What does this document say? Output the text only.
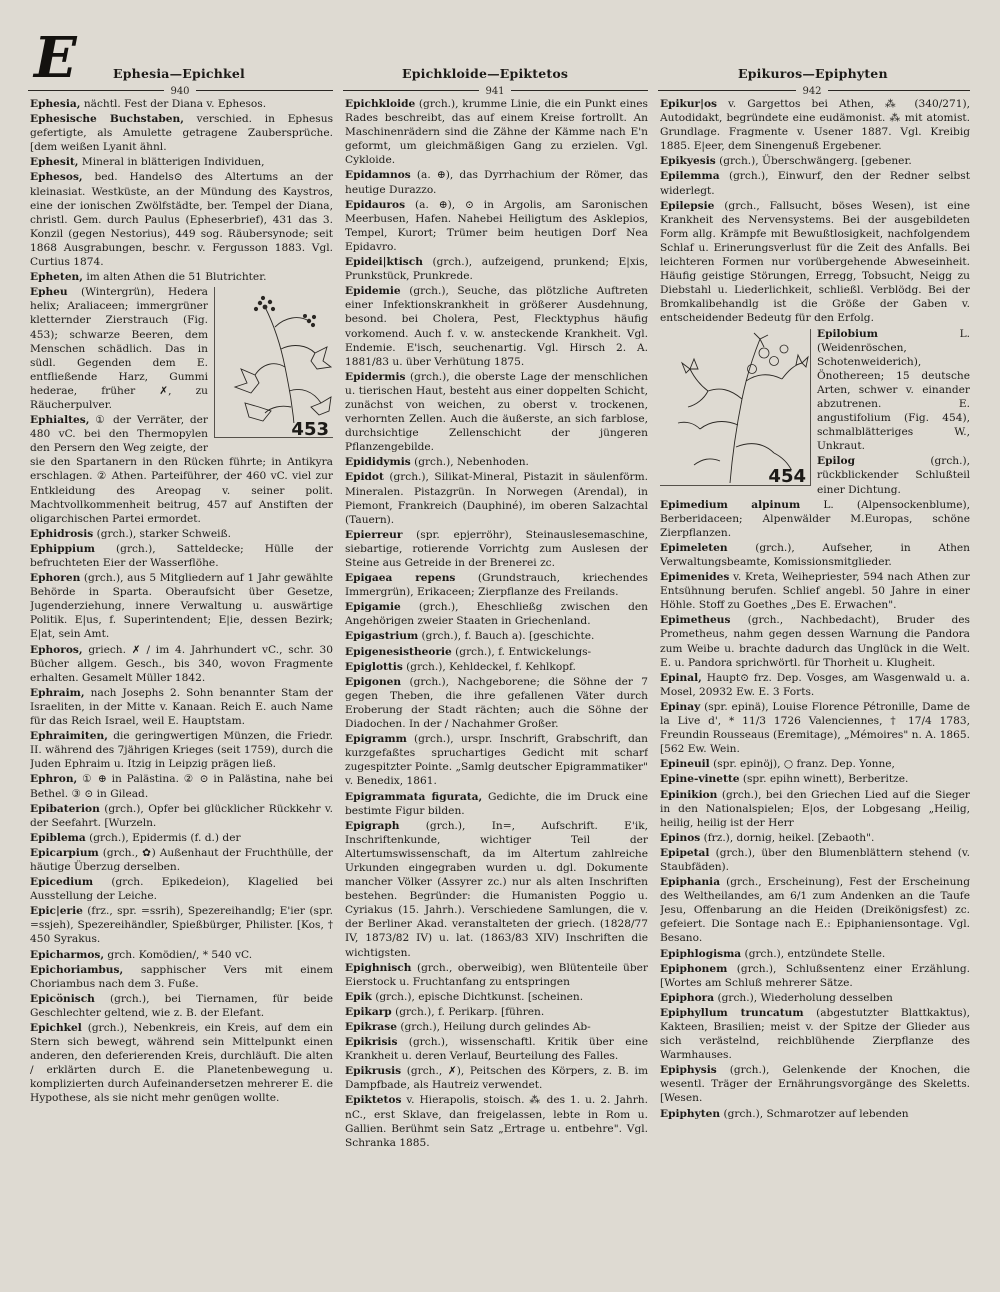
E	Ephesia—Epichkel	Epichkloide—Epiktetos	Epikuros—Epiphyten
940	941	942

Ephesia, nächtl. Fest der Diana v. Ephesos.

Ephesische Buchstaben, verschied. in Ephesus gefertigte, als Amulette getragene Zaubersprüche. [dem weißen Lyanit ähnl.

Ephesit, Mineral in blätterigen Individuen,

Ephesos, bed. Handels⊙ des Altertums an der kleinasiat. Westküste, an der Mündung des Kaystros, eine der ionischen Zwölfstädte, ber. Tempel der Diana, christl. Gem. durch Paulus (Epheserbrief), 431 das 3. Konzil (gegen Nestorius), 449 sog. Räubersynode; seit 1868 Ausgrabungen, beschr. v. Fergusson 1883. Vgl. Curtius 1874.

Epheten, im alten Athen die 51 Blutrichter.

453

Epheu (Wintergrün), Hedera helix; Araliaceen; immergrüner kletternder Zierstrauch (Fig. 453); schwarze Beeren, dem Menschen schädlich. Das in südl. Gegenden dem E. entfließende Harz, Gummi hederae, früher ✗, zu Räucherpulver.

Ephialtes, ① der Verräter, der 480 vC. bei den Thermopylen den Persern den Weg zeigte, der sie den Spartanern in den Rücken führte; in Antikyra erschlagen. ② Athen. Parteiführer, der 460 vC. viel zur Entkleidung des Areopag v. seiner polit. Machtvollkommenheit beitrug, 457 auf Anstiften der oligarchischen Partei ermordet.

Ephidrosis (grch.), starker Schweiß.

Ephippium (grch.), Satteldecke; Hülle der befruchteten Eier der Wasserflöhe.

Ephoren (grch.), aus 5 Mitgliedern auf 1 Jahr gewählte Behörde in Sparta. Oberaufsicht über Gesetze, Jugenderziehung, innere Verwaltung u. auswärtige Politik. E|us, f. Superintendent; E|ie, dessen Bezirk; E|at, sein Amt.

Ephoros, griech. ✗ / im 4. Jahrhundert vC., schr. 30 Bücher allgem. Gesch., bis 340, wovon Fragmente erhalten. Gesamelt Müller 1842.

Ephraim, nach Josephs 2. Sohn benannter Stam der Israeliten, in der Mitte v. Kanaan. Reich E. auch Name für das Reich Israel, weil E. Hauptstam.

Ephraimiten, die geringwertigen Münzen, die Friedr. II. während des 7jährigen Krieges (seit 1759), durch die Juden Ephraim u. Itzig in Leipzig prägen ließ.

Ephron, ① ⊕ in Palästina. ② ⊙ in Palästina, nahe bei Bethel. ③ ⊙ in Gilead.

Epibaterion (grch.), Opfer bei glücklicher Rückkehr v. der Seefahrt. [Wurzeln.

Epiblema (grch.), Epidermis (f. d.) der

Epicarpium (grch., ✿) Außenhaut der Fruchthülle, der häutige Überzug derselben.

Epicedium (grch. Epikedeion), Klagelied bei Ausstellung der Leiche.

Epic|erie (frz., spr. =ssrih), Spezereihandlg; E'ier (spr. =ssjeh), Spezereihändler, Spießbürger, Philister. [Kos, † 450 Syrakus.

Epicharmos, grch. Komödien/, * 540 vC.

Epichoriambus, sapphischer Vers mit einem Choriambus nach dem 3. Fuße.

Epicönisch (grch.), bei Tiernamen, für beide Geschlechter geltend, wie z. B. der Elefant.

Epichkel (grch.), Nebenkreis, ein Kreis, auf dem ein Stern sich bewegt, während sein Mittelpunkt einen anderen, den deferierenden Kreis, durchläuft. Die alten / erklärten durch E. die Planetenbewegung u. komplizierten durch Aufeinandersetzen mehrerer E. die Hypothese, als sie nicht mehr genügen wollte.

Epichkloide (grch.), krumme Linie, die ein Punkt eines Rades beschreibt, das auf einem Kreise fortrollt. An Maschinenrädern sind die Zähne der Kämme nach E'n geformt, um gleichmäßigen Gang zu erzielen. Vgl. Cykloide.

Epidamnos (a. ⊕), das Dyrrhachium der Römer, das heutige Durazzo.

Epidauros (a. ⊕), ⊙ in Argolis, am Saronischen Meerbusen, Hafen. Nahebei Heiligtum des Asklepios, Tempel, Kurort; Trümer beim heutigen Dorf Nea Epidavro.

Epidei|ktisch (grch.), aufzeigend, prunkend; E|xis, Prunkstück, Prunkrede.

Epidemie (grch.), Seuche, das plötzliche Auftreten einer Infektionskrankheit in größerer Ausdehnung, besond. bei Cholera, Pest, Flecktyphus häufig vorkomend. Auch f. v. w. ansteckende Krankheit. Vgl. Endemie. E'isch, seuchenartig. Vgl. Hirsch 2. A. 1881/83 u. über Verhütung 1875.

Epidermis (grch.), die oberste Lage der menschlichen u. tierischen Haut, besteht aus einer doppelten Schicht, zunächst von weichen, zu oberst v. trockenen, verhornten Zellen. Auch die äußerste, an sich farblose, durchsichtige Zellenschicht der jüngeren Pflanzengebilde.

Epididymis (grch.), Nebenhoden.

Epidot (grch.), Silikat-Mineral, Pistazit in säulenförm. Mineralen. Pistazgrün. In Norwegen (Arendal), in Piemont, Frankreich (Dauphiné), im oberen Salzachtal (Tauern).

Epierreur (spr. epjerröhr), Steinauslesemaschine, siebartige, rotierende Vorrichtg zum Auslesen der Steine aus Getreide in der Brenerei zc.

Epigaea repens (Grundstrauch, kriechendes Immergrün), Erikaceen; Zierpflanze des Freilands.

Epigamie (grch.), Eheschließg zwischen den Angehörigen zweier Staaten in Griechenland.

Epigastrium (grch.), f. Bauch a). [geschichte.

Epigenesistheorie (grch.), f. Entwickelungs-

Epiglottis (grch.), Kehldeckel, f. Kehlkopf.

Epigonen (grch.), Nachgeborene; die Söhne der 7 gegen Theben, die ihre gefallenen Väter durch Eroberung der Stadt rächten; auch die Söhne der Diadochen. In der / Nachahmer Großer.

Epigramm (grch.), urspr. Inschrift, Grabschrift, dan kurzgefaßtes spruchartiges Gedicht mit scharf zugespitzter Pointe. „Samlg deutscher Epigrammatiker" v. Benedix, 1861.

Epigrammata figurata, Gedichte, die im Druck eine bestimte Figur bilden.

Epigraph (grch.), In=, Aufschrift. E'ik, Inschriftenkunde, wichtiger Teil der Altertumswissenschaft, da im Altertum zahlreiche Urkunden eingegraben wurden u. dgl. Dokumente mancher Völker (Assyrer zc.) nur als alten Inschriften bestehen. Begründer: die Humanisten Poggio u. Cyriakus (15. Jahrh.). Verschiedene Samlungen, die v. der Berliner Akad. veranstalteten der griech. (1828/77 IV, 1873/82 IV) u. lat. (1863/83 XIV) Inschriften die wichtigsten.

Epighnisch (grch., oberweibig), wen Blütenteile über Eierstock u. Fruchtanfang zu entspringen

Epik (grch.), epische Dichtkunst. [scheinen.

Epikarp (grch.), f. Perikarp. [führen.

Epikrase (grch.), Heilung durch gelindes Ab-

Epikrisis (grch.), wissenschaftl. Kritik über eine Krankheit u. deren Verlauf, Beurteilung des Falles.

Epikrusis (grch., ✗), Peitschen des Körpers, z. B. im Dampfbade, als Hautreiz verwendet.

Epiktetos v. Hierapolis, stoisch. ⁂ des 1. u. 2. Jahrh. nC., erst Sklave, dan freigelassen, lebte in Rom u. Gallien. Berühmt sein Satz „Ertrage u. entbehre". Vgl. Schranka 1885.

Epikur|os v. Gargettos bei Athen, ⁂ (340/271), Autodidakt, begründete eine eudämonist. ⁂ mit atomist. Grundlage. Fragmente v. Usener 1887. Vgl. Kreibig 1885. E|eer, dem Sinengenuß Ergebener.

Epikyesis (grch.), Überschwängerg. [gebener.

Epilemma (grch.), Einwurf, den der Redner selbst widerlegt.

Epilepsie (grch., Fallsucht, böses Wesen), ist eine Krankheit des Nervensystems. Bei der ausgebildeten Form allg. Krämpfe mit Bewußtlosigkeit, nachfolgendem Schlaf u. Erinerungsverlust für die Zeit des Anfalls. Bei leichteren Formen nur vorübergehende Abweseinheit. Häufig geistige Störungen, Erregg, Tobsucht, Neigg zu Diebstahl u. Liederlichkeit, schließl. Verblödg. Bei der Bromkalibehandlg ist die Größe der Gaben v. entscheidender Bedeutg für den Erfolg.

454

Epilobium L. (Weidenröschen, Schotenweiderich), Önothereen; 15 deutsche Arten, schwer v. einander abzutrenen. E. angustifolium (Fig. 454), schmalblätteriges W., Unkraut.

Epilog (grch.), rückblickender Schlußteil einer Dichtung.

Epimedium alpinum L. (Alpensockenblume), Berberidaceen; Alpenwälder M.Europas, schöne Zierpflanzen.

Epimeleten (grch.), Aufseher, in Athen Verwaltungsbeamte, Komissionsmitglieder.

Epimenides v. Kreta, Weihepriester, 594 nach Athen zur Entsühnung berufen. Schlief angebl. 50 Jahre in einer Höhle. Stoff zu Goethes „Des E. Erwachen".

Epimetheus (grch., Nachbedacht), Bruder des Prometheus, nahm gegen dessen Warnung die Pandora zum Weibe u. brachte dadurch das Unglück in die Welt. E. u. Pandora sprichwörtl. für Thorheit u. Klugheit.

Epinal, Haupt⊙ frz. Dep. Vosges, am Wasgenwald u. a. Mosel, 20932 Ew. E. 3 Forts.

Epinay (spr. epinä), Louise Florence Pétronille, Dame de la Live d', * 11/3 1726 Valenciennes, † 17/4 1783, Freundin Rousseaus (Eremitage), „Mémoires" n. A. 1865. [562 Ew. Wein.

Epineuil (spr. epinöj), ○ franz. Dep. Yonne,

Epine-vinette (spr. epihn winett), Berberitze.

Epinikion (grch.), bei den Griechen Lied auf die Sieger in den Nationalspielen; E|os, der Lobgesang „Heilig, heilig, heilig ist der Herr

Epinos (frz.), dornig, heikel. [Zebaoth".

Epipetal (grch.), über den Blumenblättern stehend (v. Staubfäden).

Epiphania (grch., Erscheinung), Fest der Erscheinung des Weltheilandes, am 6/1 zum Andenken an die Taufe Jesu, Offenbarung an die Heiden (Dreikönigsfest) zc. gefeiert. Die Sontage nach E.: Epiphaniensontage. Vgl. Besano.

Epiphlogisma (grch.), entzündete Stelle.

Epiphonem (grch.), Schlußsentenz einer Erzählung. [Wortes am Schluß mehrerer Sätze.

Epiphora (grch.), Wiederholung desselben

Epiphyllum truncatum (abgestutzter Blattkaktus), Kakteen, Brasilien; meist v. der Spitze der Glieder aus sich verästelnd, reichblühende Zierpflanze des Warmhauses.

Epiphysis (grch.), Gelenkende der Knochen, die wesentl. Träger der Ernährungsvorgänge des Skeletts. [Wesen.

Epiphyten (grch.), Schmarotzer auf lebenden
